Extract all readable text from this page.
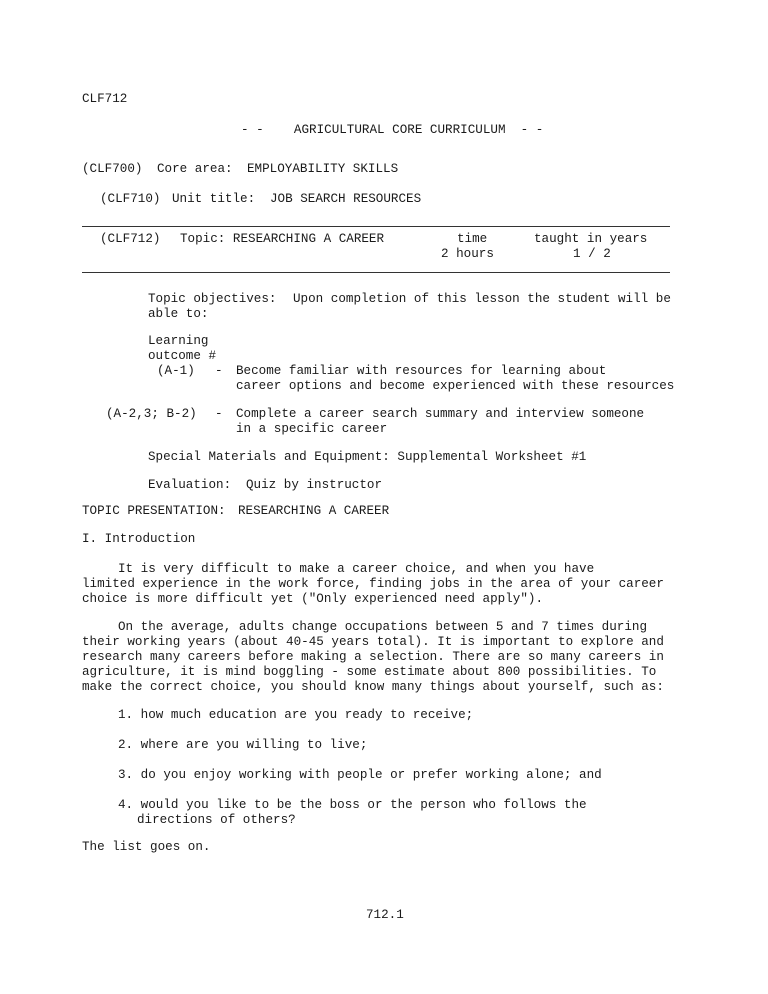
CLF712
- -    AGRICULTURAL CORE CURRICULUM  - -
(CLF700) Core area: EMPLOYABILITY SKILLS
(CLF710) Unit title: JOB SEARCH RESOURCES
(CLF712) Topic: RESEARCHING A CAREER	time
2 hours
taught in years
1 / 2
Topic objectives: Upon completion of this lesson the student will be
able to:
Learning
outcome #
(A-1) - Become familiar with resources for learning about
career options and become experienced with these resources
(A-2,3; B-2) - Complete a career search summary and interview someone
in a specific career
Special Materials and Equipment: Supplemental Worksheet #1
Evaluation: Quiz by instructor
TOPIC PRESENTATION: RESEARCHING A CAREER
I. Introduction
It is very difficult to make a career choice, and when you have
limited experience in the work force, finding jobs in the area of your career
choice is more difficult yet ("Only experienced need apply").
On the average, adults change occupations between 5 and 7 times during
their working years (about 40-45 years total). It is important to explore and
research many careers before making a selection. There are so many careers in
agriculture, it is mind boggling - some estimate about 800 possibilities. To
make the correct choice, you should know many things about yourself, such as:
1. how much education are you ready to receive;
2. where are you willing to live;
3. do you enjoy working with people or prefer working alone; and
4. would you like to be the boss or the person who follows the
directions of others?
The list goes on.
712.1
